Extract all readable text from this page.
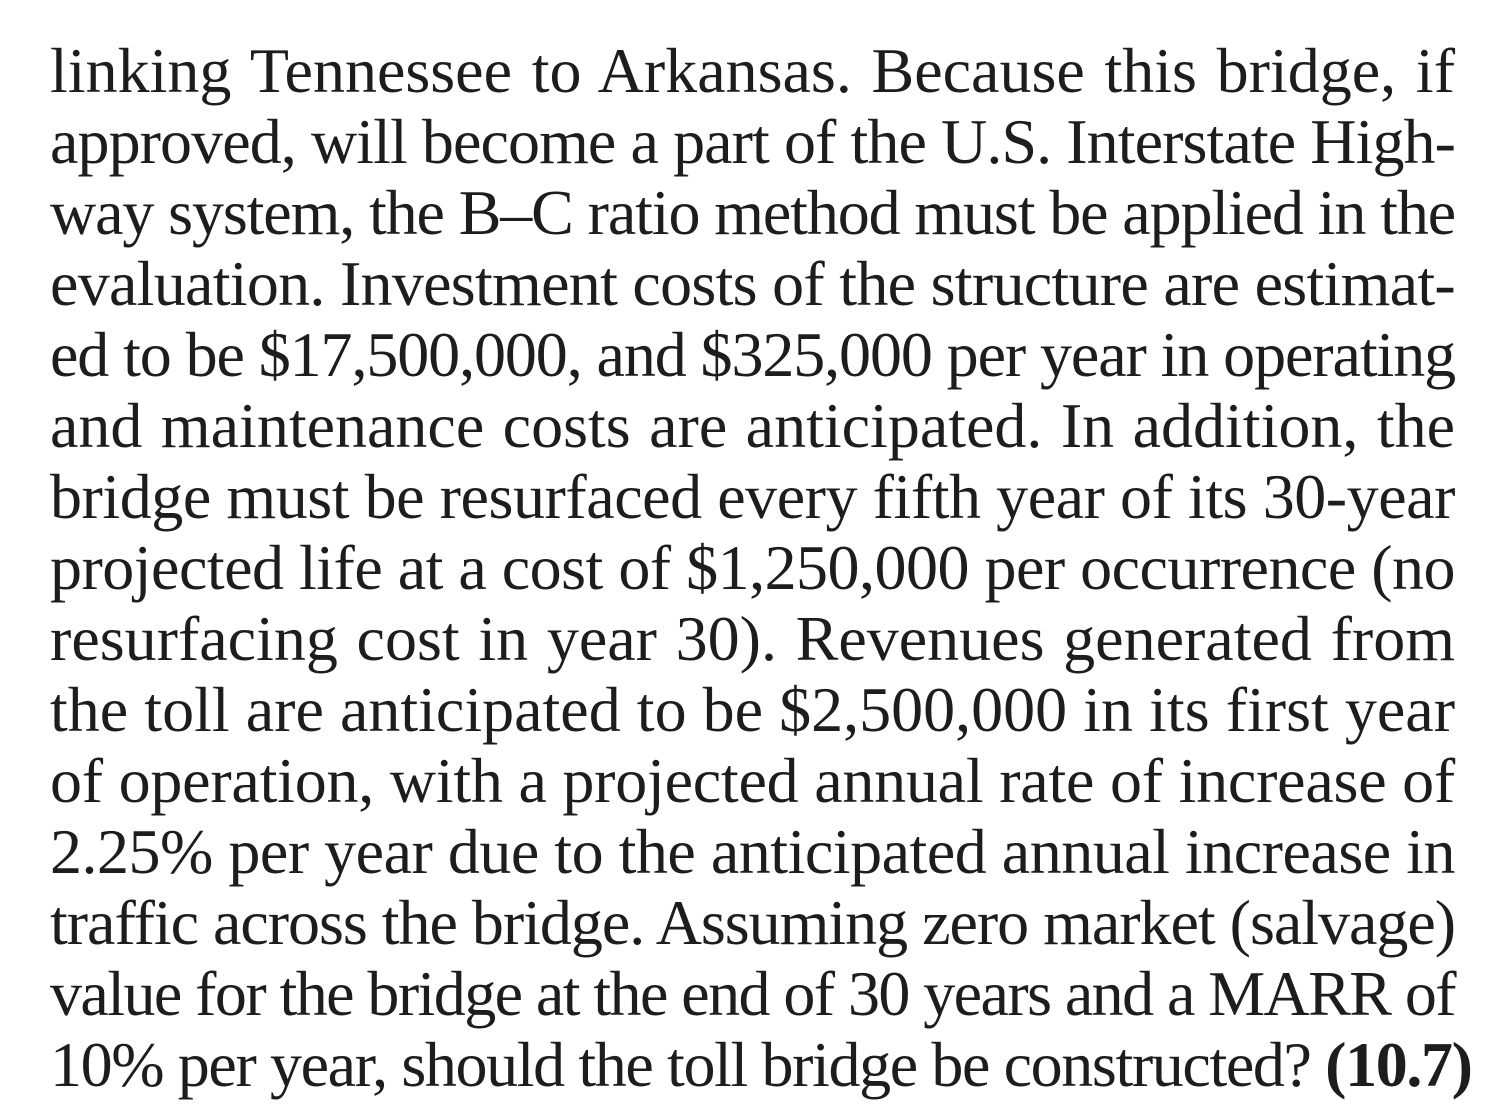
linking Tennessee to Arkansas. Because this bridge, if
approved, will become a part of the U.S. Interstate High-
way system, the B–C ratio method must be applied in the
evaluation. Investment costs of the structure are estimat-
ed to be $17,500,000, and $325,000 per year in operating
and maintenance costs are anticipated. In addition, the
bridge must be resurfaced every fifth year of its 30-year
projected life at a cost of $1,250,000 per occurrence (no
resurfacing cost in year 30). Revenues generated from
the toll are anticipated to be $2,500,000 in its first year
of operation, with a projected annual rate of increase of
2.25% per year due to the anticipated annual increase in
traffic across the bridge. Assuming zero market (salvage)
value for the bridge at the end of 30 years and a MARR of
10% per year, should the toll bridge be constructed? (10.7)
